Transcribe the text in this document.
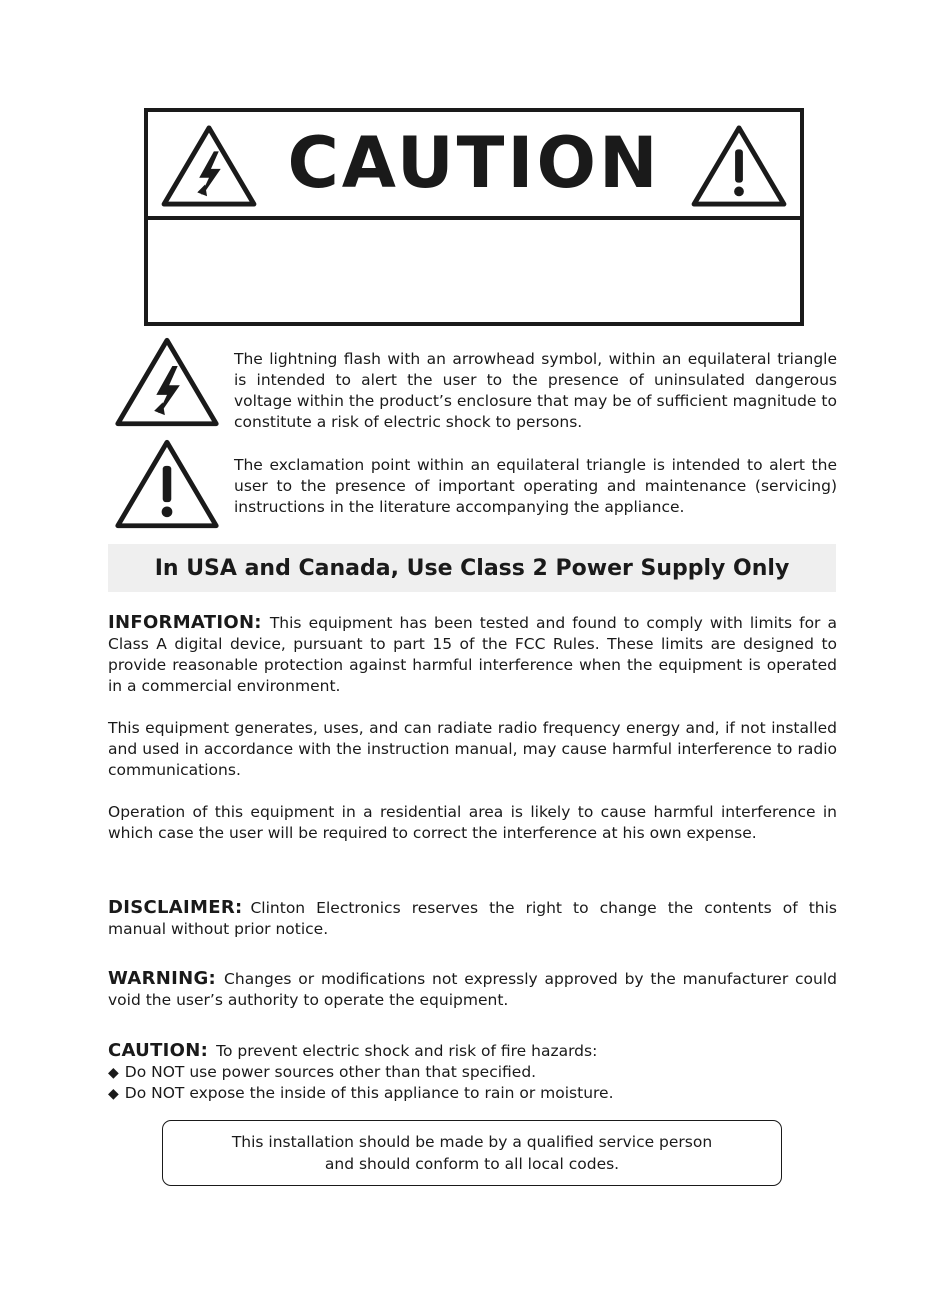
CAUTION
The lightning flash with an arrowhead symbol, within an equilateral triangle is intended to alert the user to the presence of uninsulated dangerous voltage within the product’s enclosure that may be of sufficient magnitude to constitute a risk of electric shock to persons.
The exclamation point within an equilateral triangle is intended to alert the user to the presence of important operating and maintenance (servicing) instructions in the literature accompanying the appliance.
In USA and Canada, Use Class 2 Power Supply Only
INFORMATION: This equipment has been tested and found to comply with limits for a Class A digital device, pursuant to part 15 of the FCC Rules. These limits are designed to provide reasonable protection against harmful interference when the equipment is operated in a commercial environment.
This equipment generates, uses, and can radiate radio frequency energy and, if not installed and used in accordance with the instruction manual, may cause harmful interference to radio communications.
Operation of this equipment in a residential area is likely to cause harmful interference in which case the user will be required to correct the interference at his own expense.
DISCLAIMER: Clinton Electronics reserves the right to change the contents of this manual without prior notice.
WARNING: Changes or modifications not expressly approved by the manufacturer could void the user’s authority to operate the equipment.
CAUTION: To prevent electric shock and risk of fire hazards:
◆ Do NOT use power sources other than that specified.
◆ Do NOT expose the inside of this appliance to rain or moisture.
This installation should be made by a qualified service person
and should conform to all local codes.
